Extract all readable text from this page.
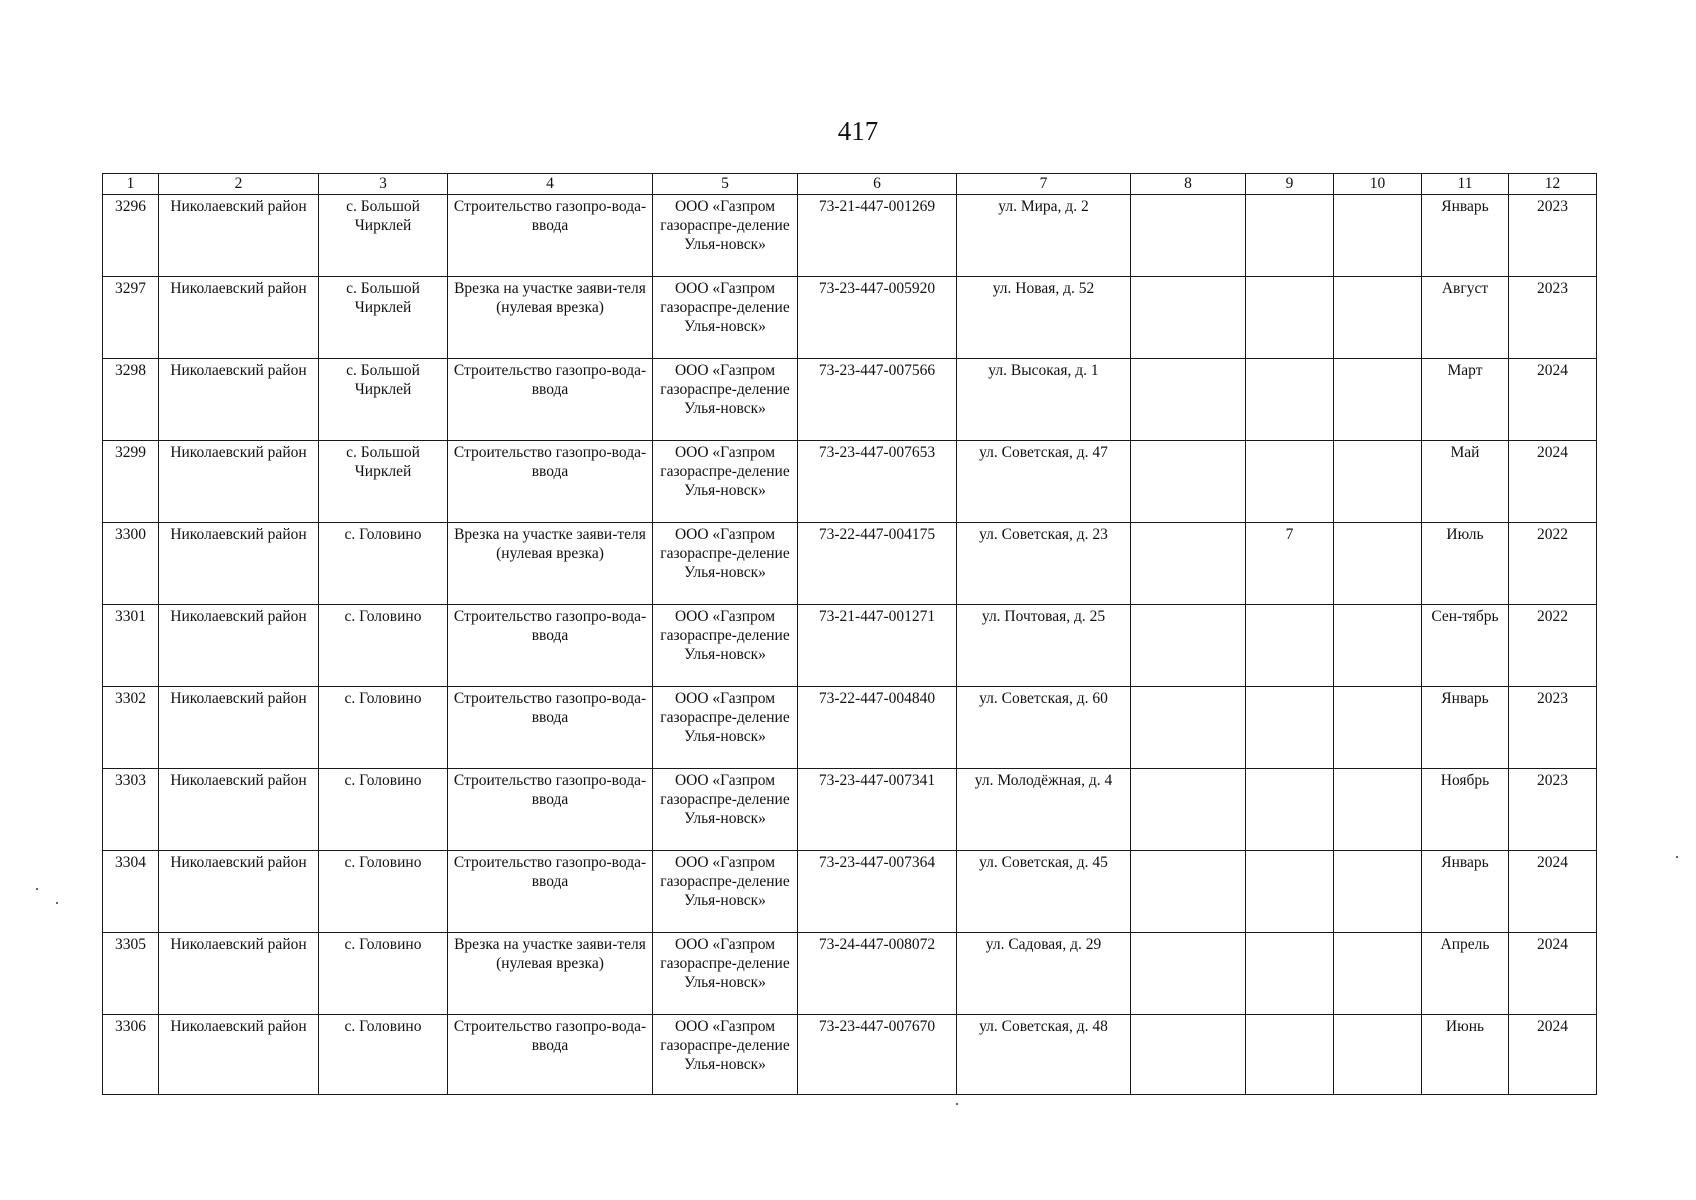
417
1	2	3	4	5	6	7	8	9	10	11	12
3296	Николаевский район	с. Большой Чирклей	Строительство газопро-вода-ввода	ООО «Газпром газораспре-деление Улья-новск»	73-21-447-001269	ул. Мира, д. 2				Январь	2023
3297	Николаевский район	с. Большой Чирклей	Врезка на участке заяви-теля (нулевая врезка)	ООО «Газпром газораспре-деление Улья-новск»	73-23-447-005920	ул. Новая, д. 52				Август	2023
3298	Николаевский район	с. Большой Чирклей	Строительство газопро-вода-ввода	ООО «Газпром газораспре-деление Улья-новск»	73-23-447-007566	ул. Высокая, д. 1				Март	2024
3299	Николаевский район	с. Большой Чирклей	Строительство газопро-вода-ввода	ООО «Газпром газораспре-деление Улья-новск»	73-23-447-007653	ул. Советская, д. 47				Май	2024
3300	Николаевский район	с. Головино	Врезка на участке заяви-теля (нулевая врезка)	ООО «Газпром газораспре-деление Улья-новск»	73-22-447-004175	ул. Советская, д. 23		7		Июль	2022
3301	Николаевский район	с. Головино	Строительство газопро-вода-ввода	ООО «Газпром газораспре-деление Улья-новск»	73-21-447-001271	ул. Почтовая, д. 25				Сен-тябрь	2022
3302	Николаевский район	с. Головино	Строительство газопро-вода-ввода	ООО «Газпром газораспре-деление Улья-новск»	73-22-447-004840	ул. Советская, д. 60				Январь	2023
3303	Николаевский район	с. Головино	Строительство газопро-вода-ввода	ООО «Газпром газораспре-деление Улья-новск»	73-23-447-007341	ул. Молодёжная, д. 4				Ноябрь	2023
3304	Николаевский район	с. Головино	Строительство газопро-вода-ввода	ООО «Газпром газораспре-деление Улья-новск»	73-23-447-007364	ул. Советская, д. 45				Январь	2024
3305	Николаевский район	с. Головино	Врезка на участке заяви-теля (нулевая врезка)	ООО «Газпром газораспре-деление Улья-новск»	73-24-447-008072	ул. Садовая, д. 29				Апрель	2024
3306	Николаевский район	с. Головино	Строительство газопро-вода-ввода	ООО «Газпром газораспре-деление Улья-новск»	73-23-447-007670	ул. Советская, д. 48				Июнь	2024
